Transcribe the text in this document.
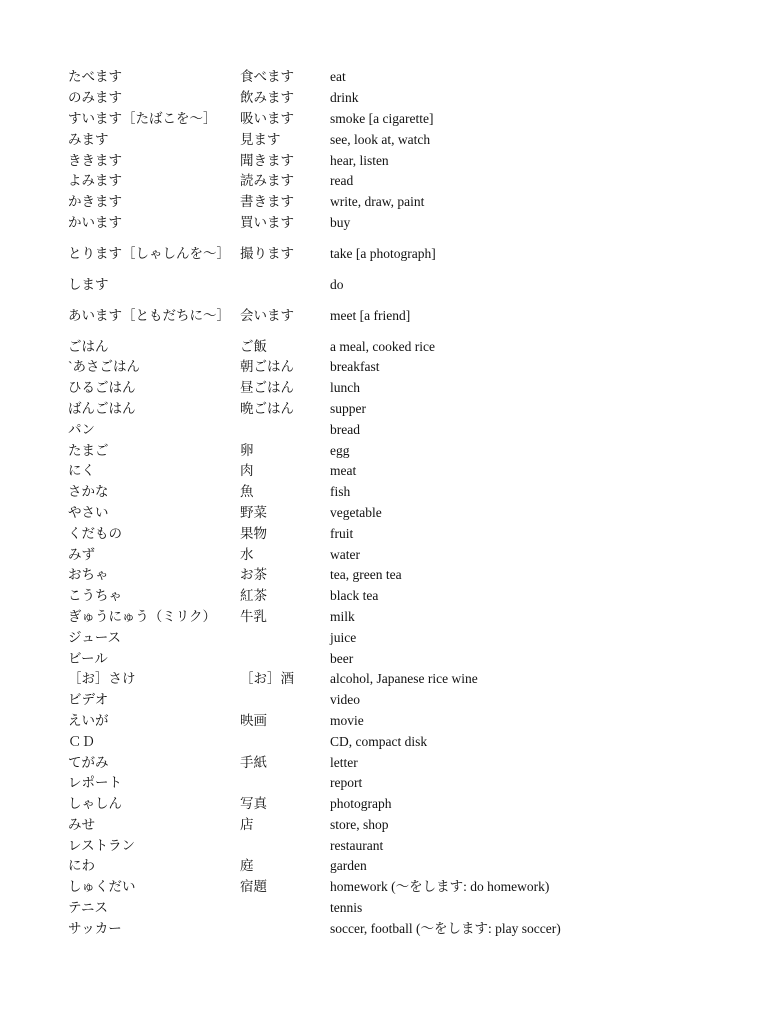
たべます	食べます	eat
のみます	飲みます	drink
すいます［たばこを～］	吸います	smoke [a cigarette]
みます	見ます	see, look at, watch
ききます	聞きます	hear, listen
よみます	読みます	read
かきます	書きます	write, draw, paint
かいます	買います	buy
とります［しゃしんを～］	撮ります	take [a photograph]
します		do
あいます［ともだちに～］	会います	meet [a friend]
ごはん	ご飯	a meal, cooked rice
`あさごはん	朝ごはん	breakfast
ひるごはん	昼ごはん	lunch
ばんごはん	晩ごはん	supper
パン		bread
たまご	卵	egg
にく	肉	meat
さかな	魚	fish
やさい	野菜	vegetable
くだもの	果物	fruit
みず	水	water
おちゃ	お茶	tea, green tea
こうちゃ	紅茶	black tea
ぎゅうにゅう（ミリク）	牛乳	milk
ジュース		juice
ビール		beer
［お］さけ	［お］酒	alcohol, Japanese rice wine
ビデオ		video
えいが	映画	movie
ＣＤ		CD, compact disk
てがみ	手紙	letter
レポート		report
しゃしん	写真	photograph
みせ	店	store, shop
レストラン		restaurant
にわ	庭	garden
しゅくだい	宿題	homework (～をします: do homework)
テニス		tennis
サッカー		soccer, football (～をします: play soccer)
